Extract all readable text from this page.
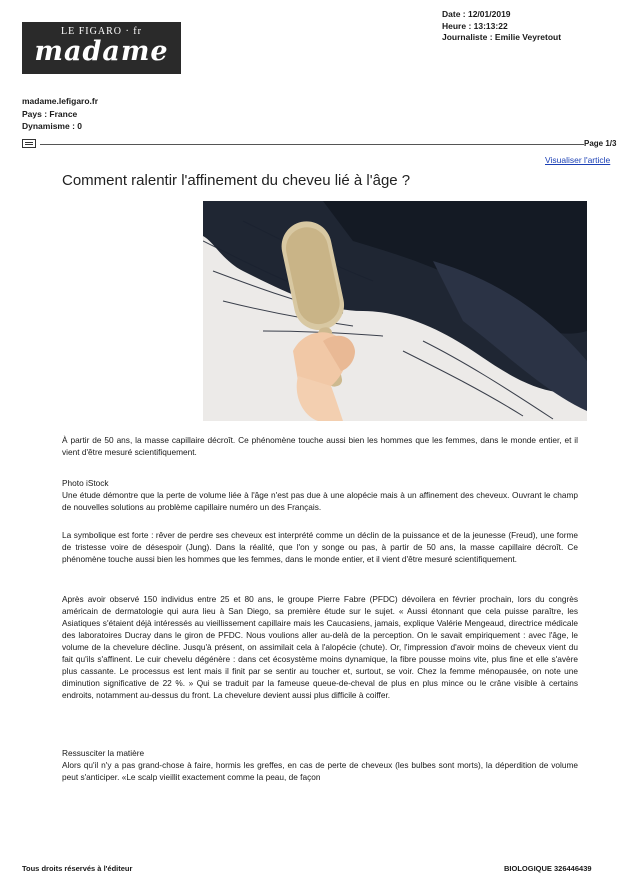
LE FIGARO · fr
madame
Date : 12/01/2019
Heure : 13:13:22
Journaliste : Emilie Veyretout
madame.lefigaro.fr
Pays : France
Dynamisme : 0
Page 1/3
Visualiser l'article
Comment ralentir l'affinement du cheveu lié à l'âge ?

À partir de 50 ans, la masse capillaire décroît. Ce phénomène touche aussi bien les hommes que les femmes, dans le monde entier, et il vient d'être mesuré scientifiquement.

Photo iStock

Une étude démontre que la perte de volume liée à l'âge n'est pas due à une alopécie mais à un affinement des cheveux. Ouvrant le champ de nouvelles solutions au problème capillaire numéro un des Français.

La symbolique est forte : rêver de perdre ses cheveux est interprété comme un déclin de la puissance et de la jeunesse (Freud), une forme de tristesse voire de désespoir (Jung). Dans la réalité, que l'on y songe ou pas, à partir de 50 ans, la masse capillaire décroît. Ce phénomène touche aussi bien les hommes que les femmes, dans le monde entier, et il vient d'être mesuré scientifiquement.

Après avoir observé 150 individus entre 25 et 80 ans, le groupe Pierre Fabre (PFDC) dévoilera en février prochain, lors du congrès américain de dermatologie qui aura lieu à San Diego, sa première étude sur le sujet. « Aussi étonnant que cela puisse paraître, les Asiatiques s'étaient déjà intéressés au vieillissement capillaire mais les Caucasiens, jamais, explique Valérie Mengeaud, directrice médicale des laboratoires Ducray dans le giron de PFDC. Nous voulions aller au-delà de la perception. On le savait empiriquement : avec l'âge, le volume de la chevelure décline. Jusqu'à présent, on assimilait cela à l'alopécie (chute). Or, l'impression d'avoir moins de cheveux vient du fait qu'ils s'affinent. Le cuir chevelu dégénère : dans cet écosystème moins dynamique, la fibre pousse moins vite, plus fine et elle s'avère plus cassante. Le processus est lent mais il finit par se sentir au toucher et, surtout, se voir. Chez la femme ménopausée, on note une diminution significative de 22 %. » Qui se traduit par la fameuse queue-de-cheval de plus en plus mince ou le crâne visible à certains endroits, notamment au-dessus du front. La chevelure devient aussi plus difficile à coiffer.

Ressusciter la matière

Alors qu'il n'y a pas grand-chose à faire, hormis les greffes, en cas de perte de cheveux (les bulbes sont morts), la déperdition de volume peut s'anticiper. «Le scalp vieillit exactement comme la peau, de façon

Tous droits réservés à l'éditeur	BIOLOGIQUE 326446439
